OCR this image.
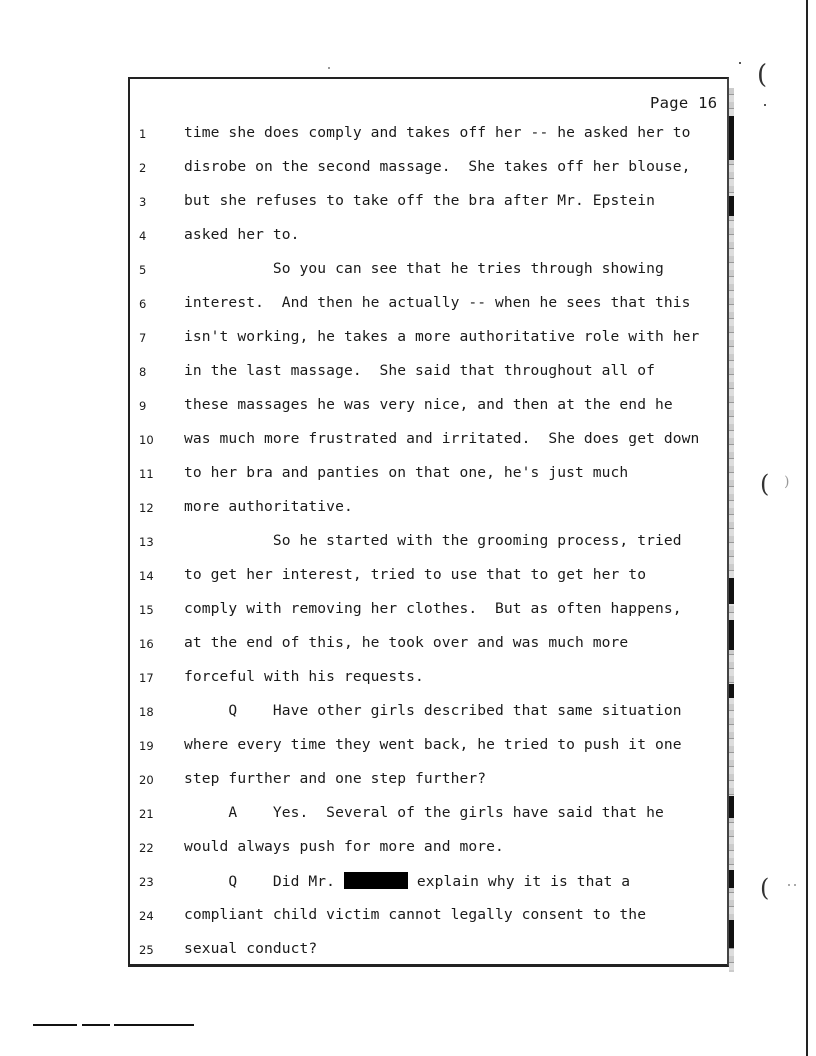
Page 16
1
2
3
4
5
6
7
8
9
10
11
12
13
14
15
16
17
18
19
20
21
22
23
24
25
time she does comply and takes off her -- he asked her to
disrobe on the second massage.  She takes off her blouse,
but she refuses to take off the bra after Mr. Epstein
asked her to.
So you can see that he tries through showing
interest.  And then he actually -- when he sees that this
isn't working, he takes a more authoritative role with her
in the last massage.  She said that throughout all of
these massages he was very nice, and then at the end he
was much more frustrated and irritated.  She does get down
to her bra and panties on that one, he's just much
more authoritative.
So he started with the grooming process, tried
to get her interest, tried to use that to get her to
comply with removing her clothes.  But as often happens,
at the end of this, he took over and was much more
forceful with his requests.
Q    Have other girls described that same situation
where every time they went back, he tried to push it one
step further and one step further?
A    Yes.  Several of the girls have said that he
would always push for more and more.
Q    Did Mr.	explain why it is that a
compliant child victim cannot legally consent to the
sexual conduct?
(
( )
(
